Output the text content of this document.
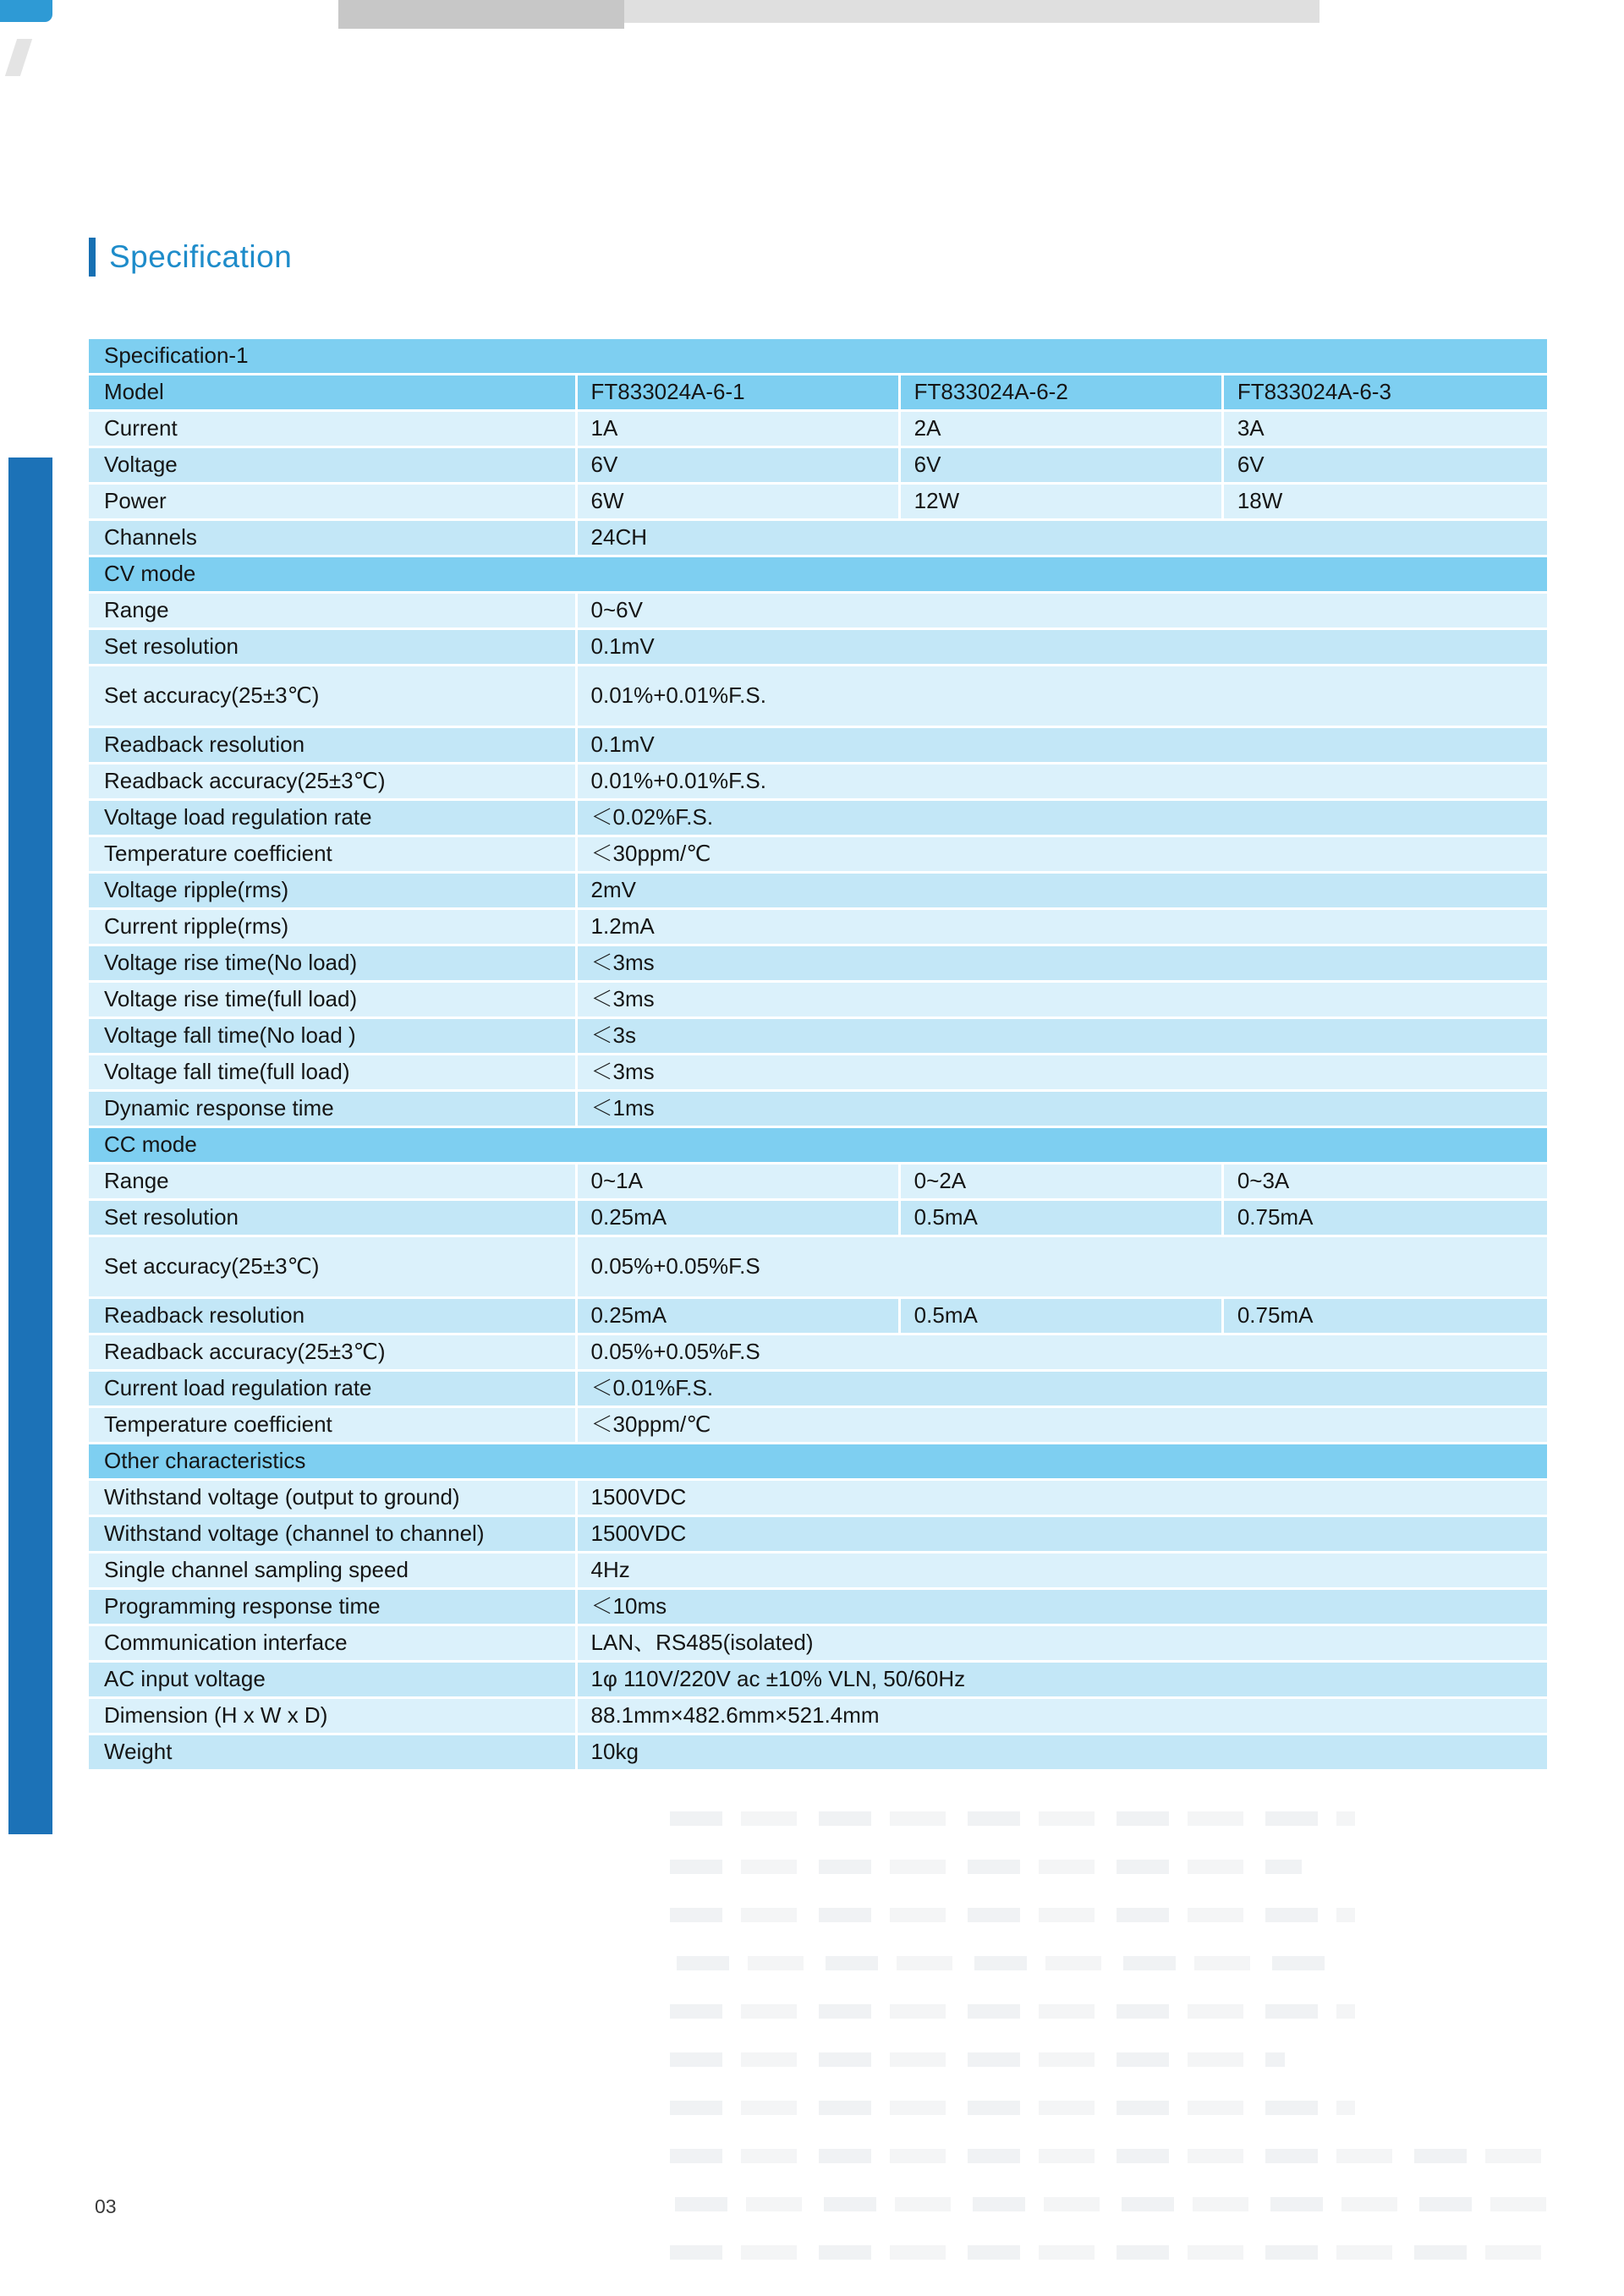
Specification
Specification-1
Model	FT833024A-6-1	FT833024A-6-2	FT833024A-6-3
Current	1A	2A	3A
Voltage	6V	6V	6V
Power	6W	12W	18W
Channels	24CH
CV mode
Range	0~6V
Set resolution	0.1mV
Set accuracy(25±3℃)	0.01%+0.01%F.S.
Readback resolution	0.1mV
Readback accuracy(25±3℃)	0.01%+0.01%F.S.
Voltage load regulation rate	＜0.02%F.S.
Temperature coefficient	＜30ppm/℃
Voltage ripple(rms)	2mV
Current ripple(rms)	1.2mA
Voltage rise time(No load)	＜3ms
Voltage rise time(full load)	＜3ms
Voltage fall time(No load )	＜3s
Voltage fall time(full load)	＜3ms
Dynamic response time	＜1ms
CC mode
Range	0~1A	0~2A	0~3A
Set resolution	0.25mA	0.5mA	0.75mA
Set accuracy(25±3℃)	0.05%+0.05%F.S
Readback resolution	0.25mA	0.5mA	0.75mA
Readback accuracy(25±3℃)	0.05%+0.05%F.S
Current load regulation rate	＜0.01%F.S.
Temperature coefficient	＜30ppm/℃
Other characteristics
Withstand voltage (output to ground)	1500VDC
Withstand voltage (channel to channel)	1500VDC
Single channel sampling speed	4Hz
Programming response time	＜10ms
Communication interface	LAN、RS485(isolated)
AC input voltage	1φ 110V/220V ac ±10% VLN, 50/60Hz
Dimension (H x W x D)	88.1mm×482.6mm×521.4mm
Weight	10kg
03
